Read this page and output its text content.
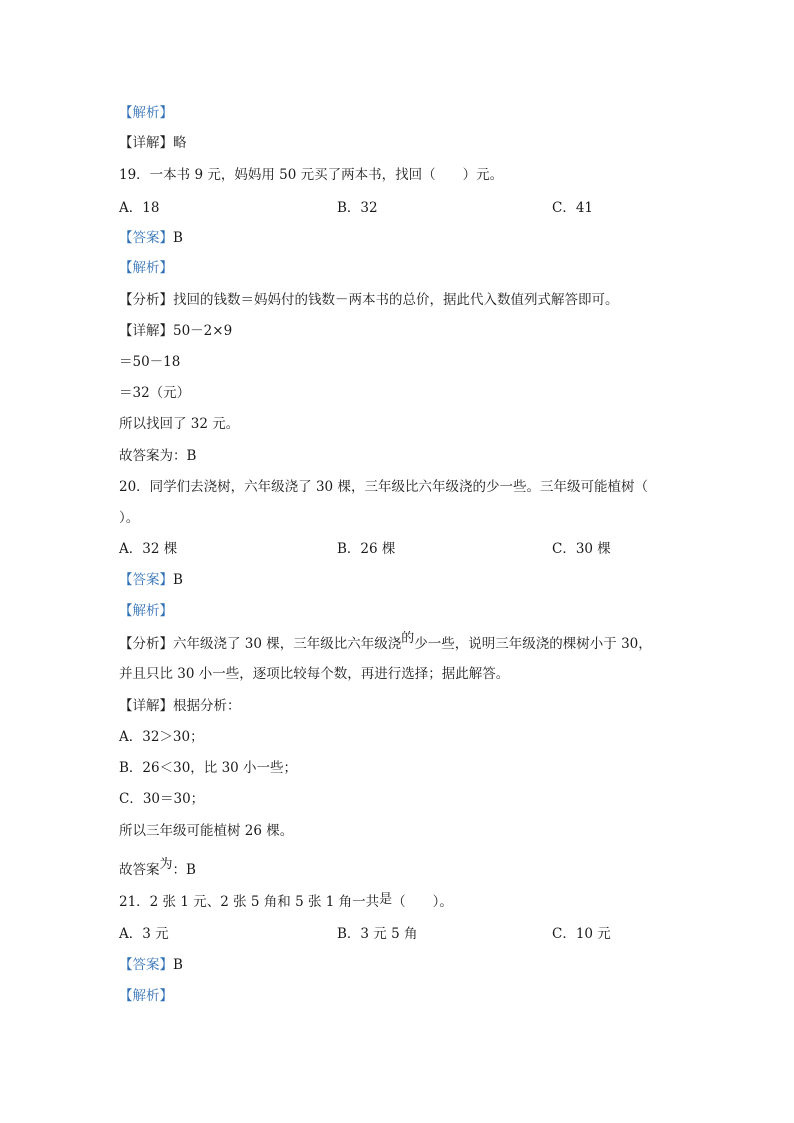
【解析】
【详解】略
19．一本书 9 元，妈妈用 50 元买了两本书，找回（　　）元。
A．18	B．32	C．41
【答案】B
【解析】
【分析】找回的钱数＝妈妈付的钱数－两本书的总价，据此代入数值列式解答即可。
【详解】50－2×9
＝50－18
＝32（元）
所以找回了 32 元。
故答案为：B
20．同学们去浇树，六年级浇了 30 棵，三年级比六年级浇的少一些。三年级可能植树（
）。
A．32 棵	B．26 棵	C．30 棵
【答案】B
【解析】
【分析】六年级浇了 30 棵，三年级比六年级浇的少一些，说明三年级浇的棵树小于 30，
并且只比 30 小一些，逐项比较每个数，再进行选择；据此解答。
【详解】根据分析：
A．32＞30；
B．26＜30，比 30 小一些；
C．30＝30；
所以三年级可能植树 26 棵。
故答案为：B
21．2 张 1 元、2 张 5 角和 5 张 1 角一共是（　　）。
A．3 元	B．3 元 5 角	C．10 元
【答案】B
【解析】
